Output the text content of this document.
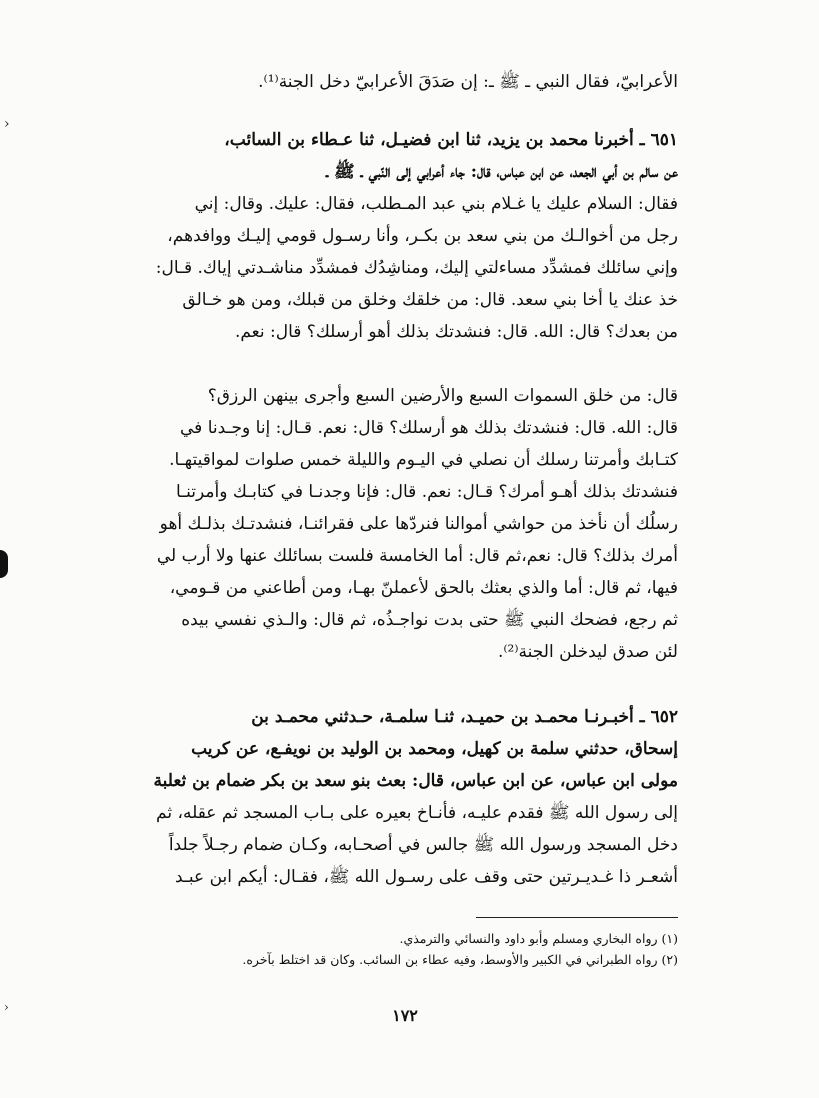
الأعرابيّ، فقال النبي ـ ﷺ ـ: إن صَدَقَ الأعرابيّ دخل الجنة⁽¹⁾.
٦٥١ ـ أخبرنا محمد بن يزيد، ثنا ابن فضيـل، ثنا عـطاء بن السائب،
عن سالم بن أبي الجعد، عن ابن عباس، قال: جاء أعرابي إلى النّبي ـ ﷺ ـ
فقال: السلام عليك يا غـلام بني عبد المـطلب، فقال: عليك. وقال: إني
رجل من أخوالـك من بني سعد بن بكـر، وأنا رسـول قومي إليـك ووافدهم،
وإني سائلك فمشدِّد مساءلتي إليك، ومناشِدُك فمشدِّد مناشـدتي إياك. قـال:
خذ عنك يا أخا بني سعد. قال: من خلقك وخلق من قبلك، ومن هو خـالق
من بعدك؟ قال: الله. قال: فنشدتك بذلك أهو أرسلك؟ قال: نعم.
قال: من خلق السموات السبع والأرضين السبع وأجرى بينهن الرزق؟
قال: الله. قال: فنشدتك بذلك هو أرسلك؟ قال: نعم. قـال: إنا وجـدنا في
كتـابك وأمرتنا رسلك أن نصلي في اليـوم والليلة خمس صلوات لمواقيتهـا.
فنشدتك بذلك أهـو أمرك؟ قـال: نعم. قال: فإنا وجدنـا في كتابـك وأمرتنـا
رسلُك أن نأخذ من حواشي أموالنا فنردّها على فقرائنـا، فنشدتـك بذلـك أهو
أمرك بذلك؟ قال: نعم،ثم قال: أما الخامسة فلست بسائلك عنها ولا أرب لي
فيها، ثم قال: أما والذي بعثك بالحق لأعملنّ بهـا، ومن أطاعني من قـومي،
ثم رجع، فضحك النبي ﷺ حتى بدت نواجـذُه، ثم قال: والـذي نفسي بيده
لئن صدق ليدخلن الجنة⁽²⁾.
٦٥٢ ـ أخبـرنـا محمـد بن حميـد، ثنـا سلمـة، حـدثني محمـد بن
إسحاق، حدثني سلمة بن كهيل، ومحمد بن الوليد بن نويفـع، عن كريب
مولى ابن عباس، عن ابن عباس، قال: بعث بنو سعد بن بكر ضمام بن ثعلبة
إلى رسول الله ﷺ فقدم عليـه، فأنـاخ بعيره على بـاب المسجد ثم عقله، ثم
دخل المسجد ورسول الله ﷺ جالس في أصحـابه، وكـان ضمام رجـلاً جلداً
أشعـر ذا غـديـرتين حتى وقف على رسـول الله ﷺ، فقـال: أيكم ابن عبـد
(١) رواه البخاري ومسلم وأبو داود والنسائي والترمذي.
(٢) رواه الطبراني في الكبير والأوسط، وفيه عطاء بن السائب. وكان قد اختلط بآخره.
١٧٢
›
›
